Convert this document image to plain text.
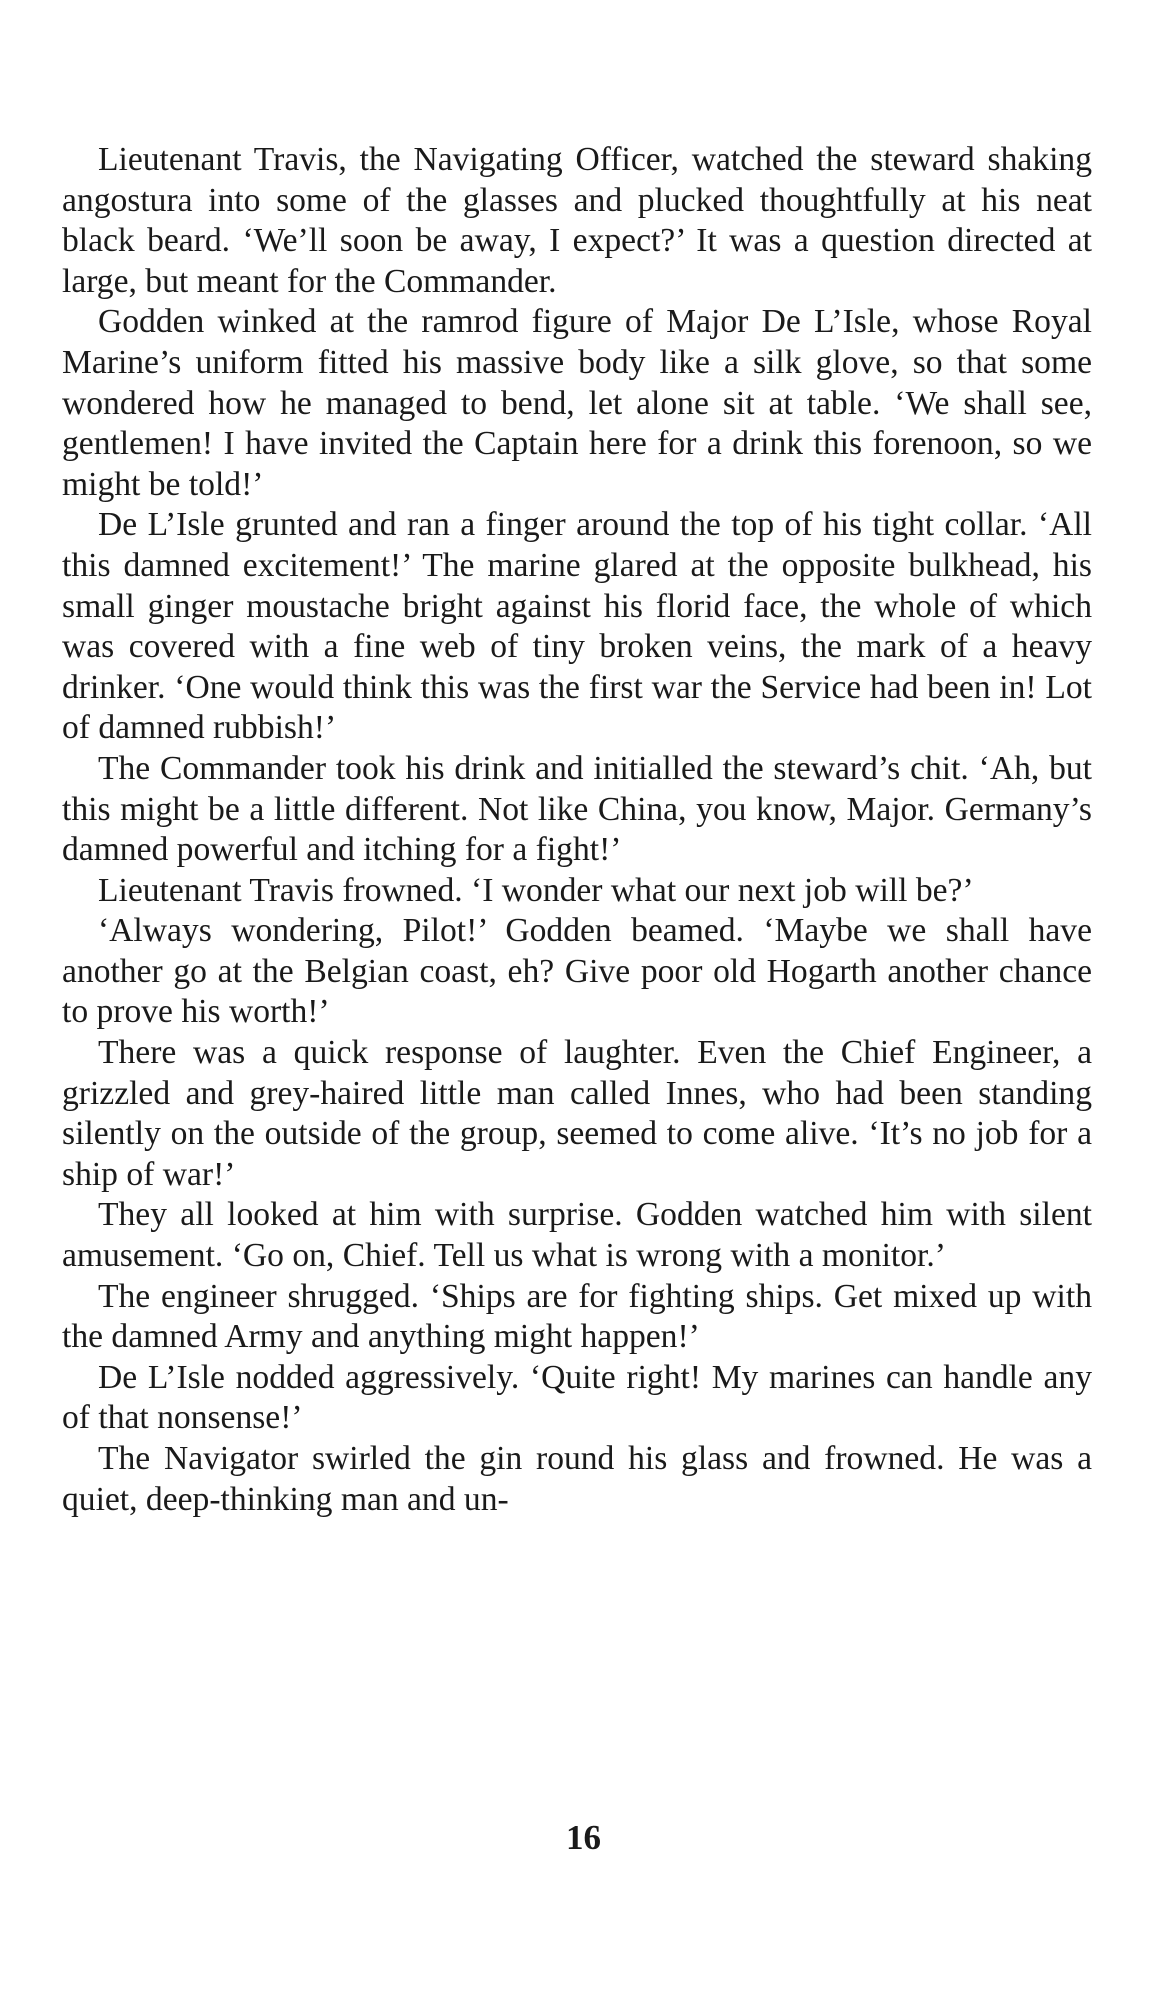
Lieutenant Travis, the Navigating Officer, watched the steward shaking angostura into some of the glasses and plucked thoughtfully at his neat black beard. ‘We’ll soon be away, I expect?’ It was a question directed at large, but meant for the Commander.

Godden winked at the ramrod figure of Major De L’Isle, whose Royal Marine’s uniform fitted his massive body like a silk glove, so that some wondered how he managed to bend, let alone sit at table. ‘We shall see, gentlemen! I have invited the Captain here for a drink this forenoon, so we might be told!’

De L’Isle grunted and ran a finger around the top of his tight collar. ‘All this damned excitement!’ The marine glared at the opposite bulkhead, his small ginger moustache bright against his florid face, the whole of which was covered with a fine web of tiny broken veins, the mark of a heavy drinker. ‘One would think this was the first war the Service had been in! Lot of damned rubbish!’

The Commander took his drink and initialled the steward’s chit. ‘Ah, but this might be a little different. Not like China, you know, Major. Germany’s damned powerful and itching for a fight!’

Lieutenant Travis frowned. ‘I wonder what our next job will be?’

‘Always wondering, Pilot!’ Godden beamed. ‘Maybe we shall have another go at the Belgian coast, eh? Give poor old Hogarth another chance to prove his worth!’

There was a quick response of laughter. Even the Chief Engineer, a grizzled and grey-haired little man called Innes, who had been standing silently on the outside of the group, seemed to come alive. ‘It’s no job for a ship of war!’

They all looked at him with surprise. Godden watched him with silent amusement. ‘Go on, Chief. Tell us what is wrong with a monitor.’

The engineer shrugged. ‘Ships are for fighting ships. Get mixed up with the damned Army and anything might happen!’

De L’Isle nodded aggressively. ‘Quite right! My marines can handle any of that nonsense!’

The Navigator swirled the gin round his glass and frowned. He was a quiet, deep-thinking man and un-

16
